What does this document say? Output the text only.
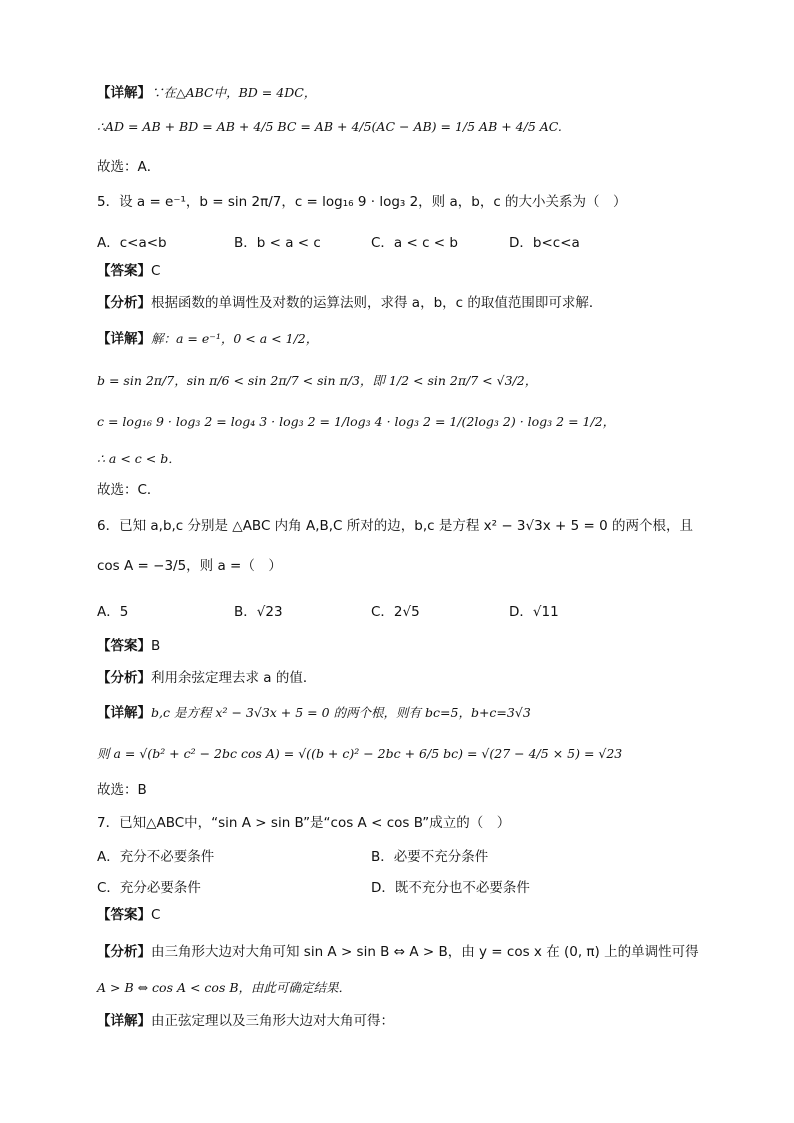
【详解】∵在△ABC中，BD = 4DC，
∴AD = AB + BD = AB + 4/5 BC = AB + 4/5(AC − AB) = 1/5 AB + 4/5 AC.
故选：A．
5．设 a = e⁻¹，b = sin 2π/7，c = log₁₆ 9 · log₃ 2，则 a，b，c 的大小关系为（　）
A．c<a<b	B．b < a < c	C．a < c < b	D．b<c<a
【答案】C
【分析】根据函数的单调性及对数的运算法则，求得 a，b，c 的取值范围即可求解．
【详解】解：a = e⁻¹，0 < a < 1/2，
b = sin 2π/7，sin π/6 < sin 2π/7 < sin π/3，即 1/2 < sin 2π/7 < √3/2，
c = log₁₆ 9 · log₃ 2 = log₄ 3 · log₃ 2 = 1/log₃ 4 · log₃ 2 = 1/(2log₃ 2) · log₃ 2 = 1/2，
∴ a < c < b．
故选：C．
6．已知 a,b,c 分别是 △ABC 内角 A,B,C 所对的边，b,c 是方程 x² − 3√3x + 5 = 0 的两个根，且
cos A = −3/5，则 a =（　）
A．5	B．√23	C．2√5	D．√11
【答案】B
【分析】利用余弦定理去求 a 的值．
【详解】b,c 是方程 x² − 3√3x + 5 = 0 的两个根，则有 bc=5，b+c=3√3
则 a = √(b² + c² − 2bc cos A) = √((b + c)² − 2bc + 6/5 bc) = √(27 − 4/5 × 5) = √23
故选：B
7．已知△ABC中，“sin A > sin B”是“cos A < cos B”成立的（　）
A．充分不必要条件	B．必要不充分条件
C．充分必要条件	D．既不充分也不必要条件
【答案】C
【分析】由三角形大边对大角可知 sin A > sin B ⇔ A > B，由 y = cos x 在 (0, π) 上的单调性可得
A > B ⇔ cos A < cos B，由此可确定结果．
【详解】由正弦定理以及三角形大边对大角可得：
